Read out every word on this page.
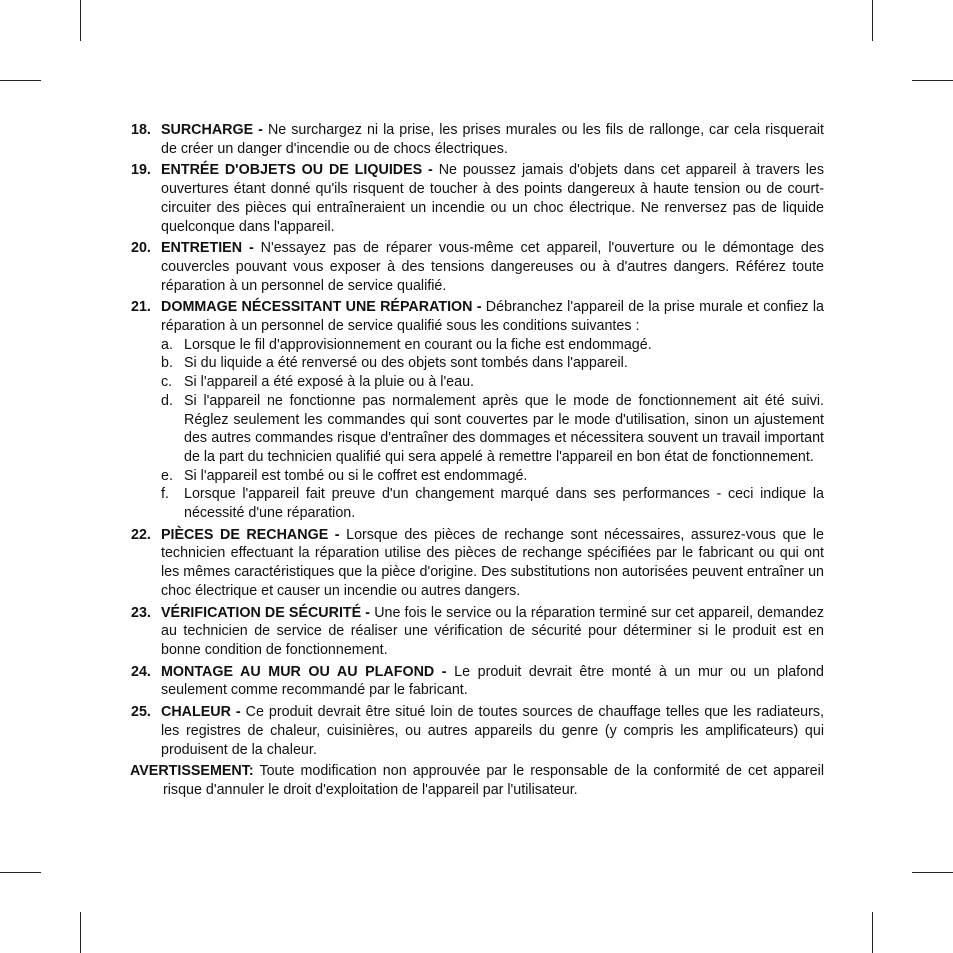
18. SURCHARGE - Ne surchargez ni la prise, les prises murales ou les fils de rallonge, car cela risquerait de créer un danger d'incendie ou de chocs électriques.
19. ENTRÉE D'OBJETS OU DE LIQUIDES - Ne poussez jamais d'objets dans cet appareil à travers les ouvertures étant donné qu'ils risquent de toucher à des points dangereux à haute tension ou de court-circuiter des pièces qui entraîneraient un incendie ou un choc électrique. Ne renversez pas de liquide quelconque dans l'appareil.
20. ENTRETIEN - N'essayez pas de réparer vous-même cet appareil, l'ouverture ou le démontage des couvercles pouvant vous exposer à des tensions dangereuses ou à d'autres dangers. Référez toute réparation à un personnel de service qualifié.
21. DOMMAGE NÉCESSITANT UNE RÉPARATION - Débranchez l'appareil de la prise murale et confiez la réparation à un personnel de service qualifié sous les conditions suivantes :
a. Lorsque le fil d'approvisionnement en courant ou la fiche est endommagé.
b. Si du liquide a été renversé ou des objets sont tombés dans l'appareil.
c. Si l'appareil a été exposé à la pluie ou à l'eau.
d. Si l'appareil ne fonctionne pas normalement après que le mode de fonctionnement ait été suivi. Réglez seulement les commandes qui sont couvertes par le mode d'utilisation, sinon un ajustement des autres commandes risque d'entraîner des dommages et nécessitera souvent un travail important de la part du technicien qualifié qui sera appelé à remettre l'appareil en bon état de fonctionnement.
e. Si l'appareil est tombé ou si le coffret est endommagé.
f. Lorsque l'appareil fait preuve d'un changement marqué dans ses performances - ceci indique la nécessité d'une réparation.
22. PIÈCES DE RECHANGE - Lorsque des pièces de rechange sont nécessaires, assurez-vous que le technicien effectuant la réparation utilise des pièces de rechange spécifiées par le fabricant ou qui ont les mêmes caractéristiques que la pièce d'origine. Des substitutions non autorisées peuvent entraîner un choc électrique et causer un incendie ou autres dangers.
23. VÉRIFICATION DE SÉCURITÉ - Une fois le service ou la réparation terminé sur cet appareil, demandez au technicien de service de réaliser une vérification de sécurité pour déterminer si le produit est en bonne condition de fonctionnement.
24. MONTAGE AU MUR OU AU PLAFOND - Le produit devrait être monté à un mur ou un plafond seulement comme recommandé par le fabricant.
25. CHALEUR - Ce produit devrait être situé loin de toutes sources de chauffage telles que les radiateurs, les registres de chaleur, cuisinières, ou autres appareils du genre (y compris les amplificateurs) qui produisent de la chaleur.
AVERTISSEMENT: Toute modification non approuvée par le responsable de la conformité de cet appareil risque d'annuler le droit d'exploitation de l'appareil par l'utilisateur.
